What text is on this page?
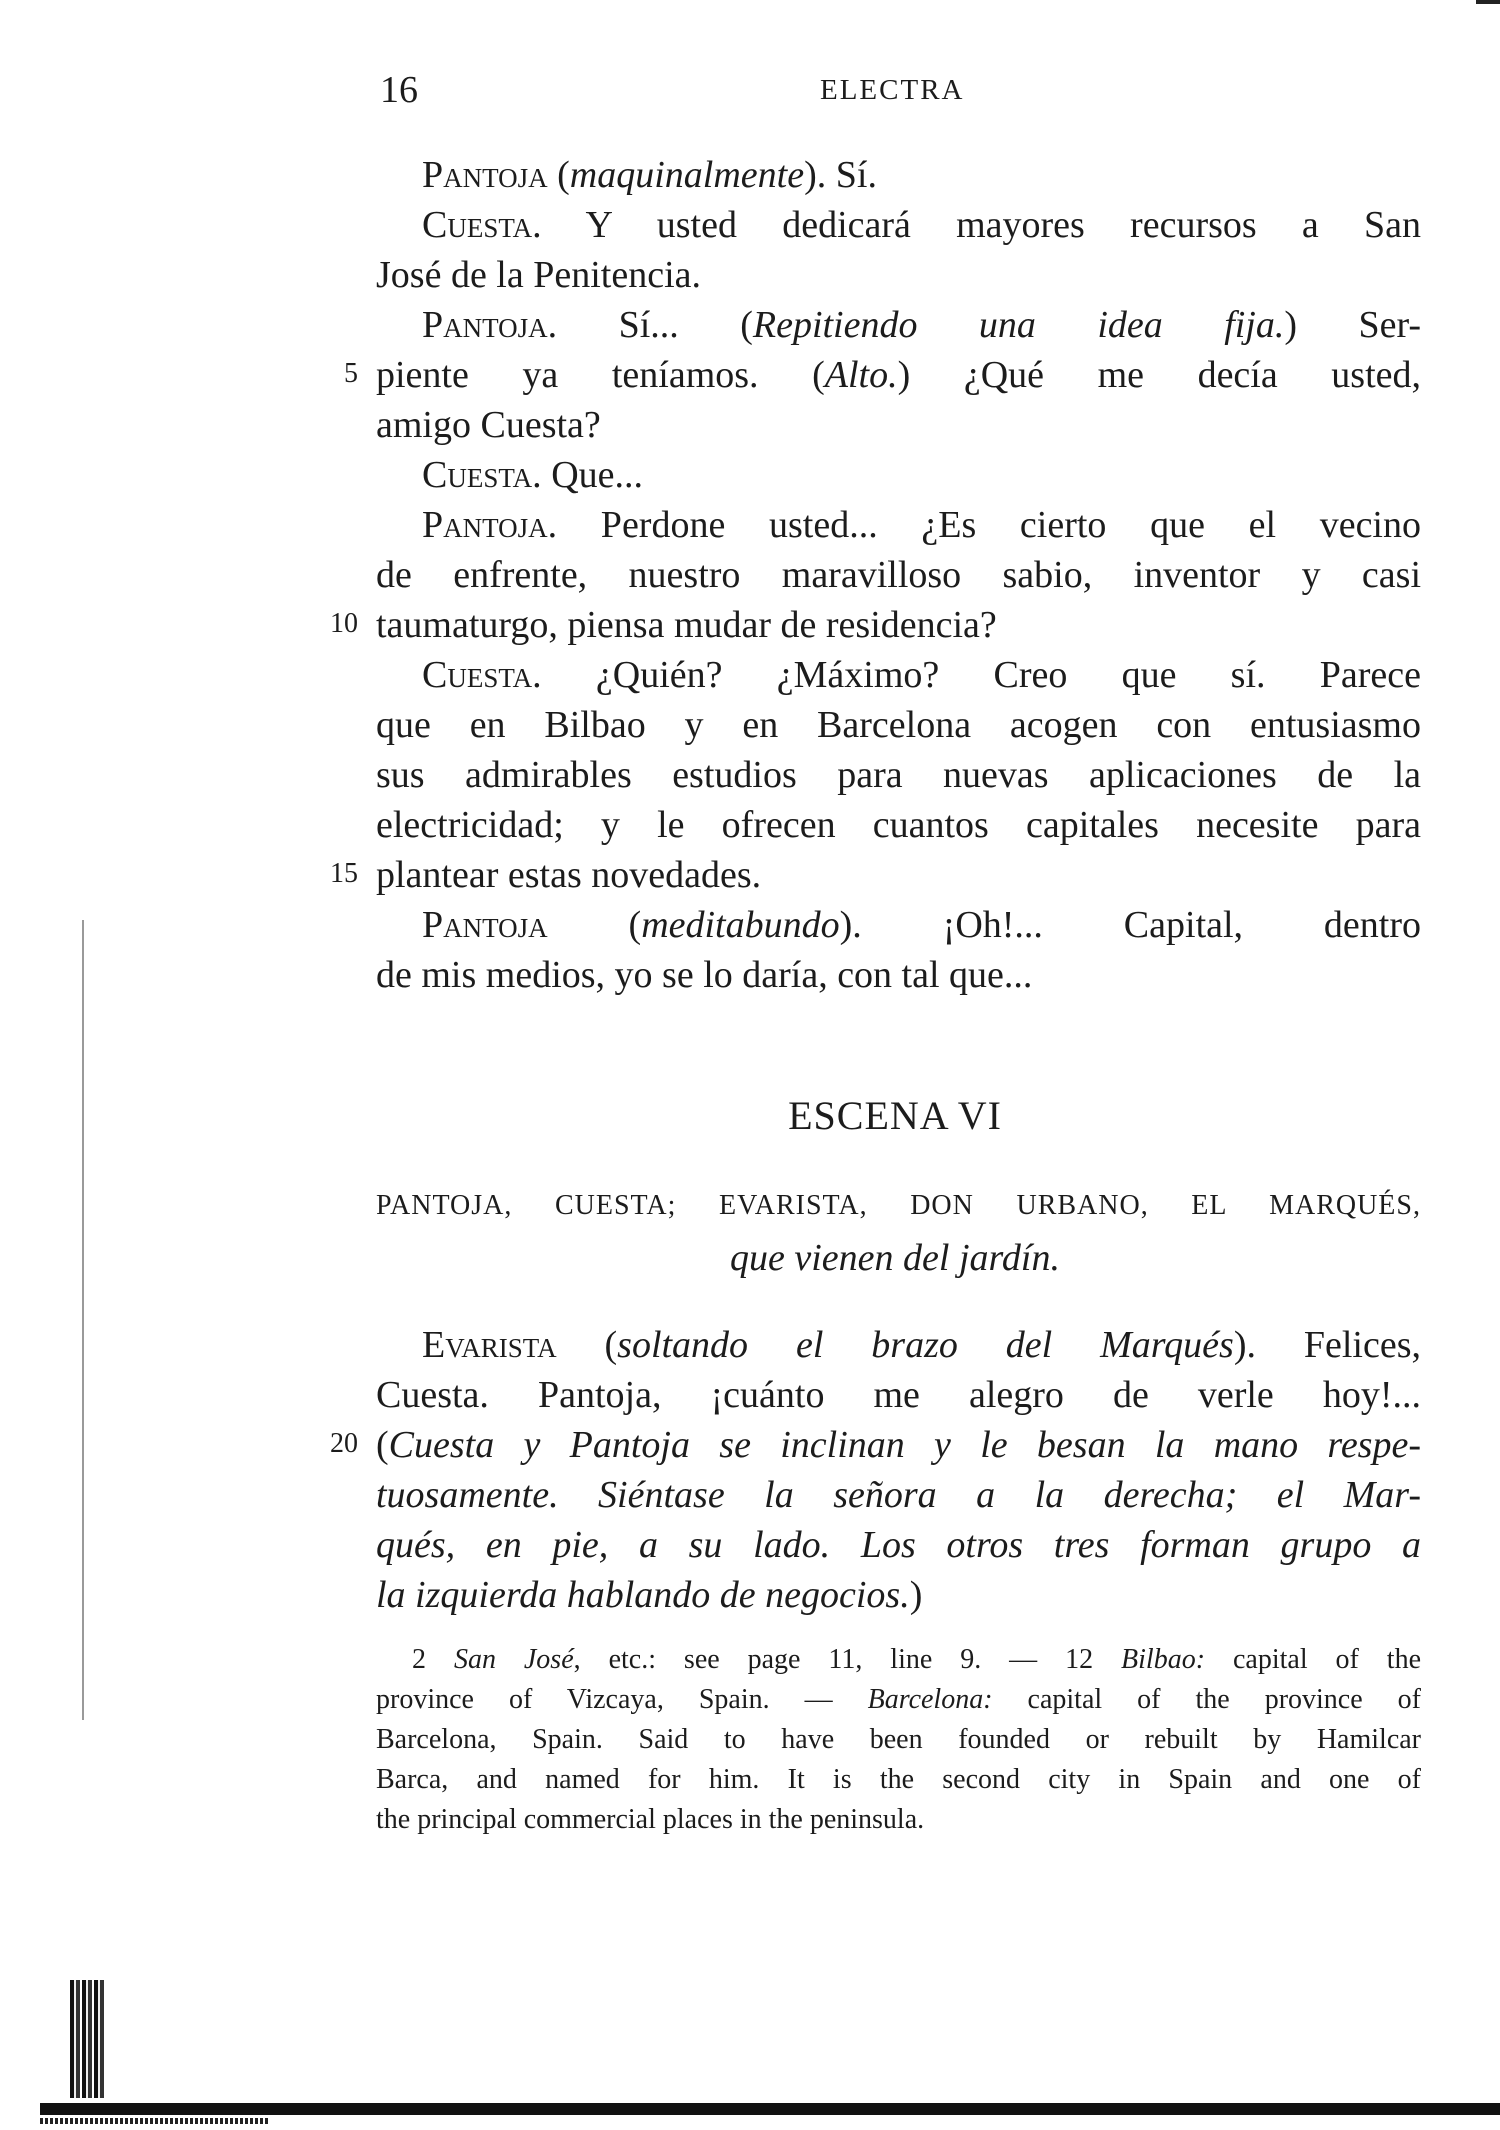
16	ELECTRA
Pantoja (maquinalmente). Sí.
Cuesta. Y usted dedicará mayores recursos a San
José de la Penitencia.
Pantoja. Sí... (Repitiendo una idea fija.) Ser-
piente ya teníamos. (Alto.) ¿Qué me decía usted,
5
amigo Cuesta?
Cuesta. Que...
Pantoja. Perdone usted... ¿Es cierto que el vecino
de enfrente, nuestro maravilloso sabio, inventor y casi
taumaturgo, piensa mudar de residencia?
10
Cuesta. ¿Quién? ¿Máximo? Creo que sí. Parece
que en Bilbao y en Barcelona acogen con entusiasmo
sus admirables estudios para nuevas aplicaciones de la
electricidad; y le ofrecen cuantos capitales necesite para
plantear estas novedades.
15
Pantoja (meditabundo). ¡Oh!... Capital, dentro
de mis medios, yo se lo daría, con tal que...
ESCENA VI
PANTOJA, CUESTA; EVARISTA, DON URBANO, EL MARQUÉS,
que vienen del jardín.
Evarista (soltando el brazo del Marqués). Felices,
Cuesta. Pantoja, ¡cuánto me alegro de verle hoy!...
(Cuesta y Pantoja se inclinan y le besan la mano respe-
20
tuosamente. Siéntase la señora a la derecha; el Mar-
qués, en pie, a su lado. Los otros tres forman grupo a
la izquierda hablando de negocios.)
2 San José, etc.: see page 11, line 9. — 12 Bilbao: capital of the
province of Vizcaya, Spain. — Barcelona: capital of the province of
Barcelona, Spain. Said to have been founded or rebuilt by Hamilcar
Barca, and named for him. It is the second city in Spain and one of
the principal commercial places in the peninsula.
